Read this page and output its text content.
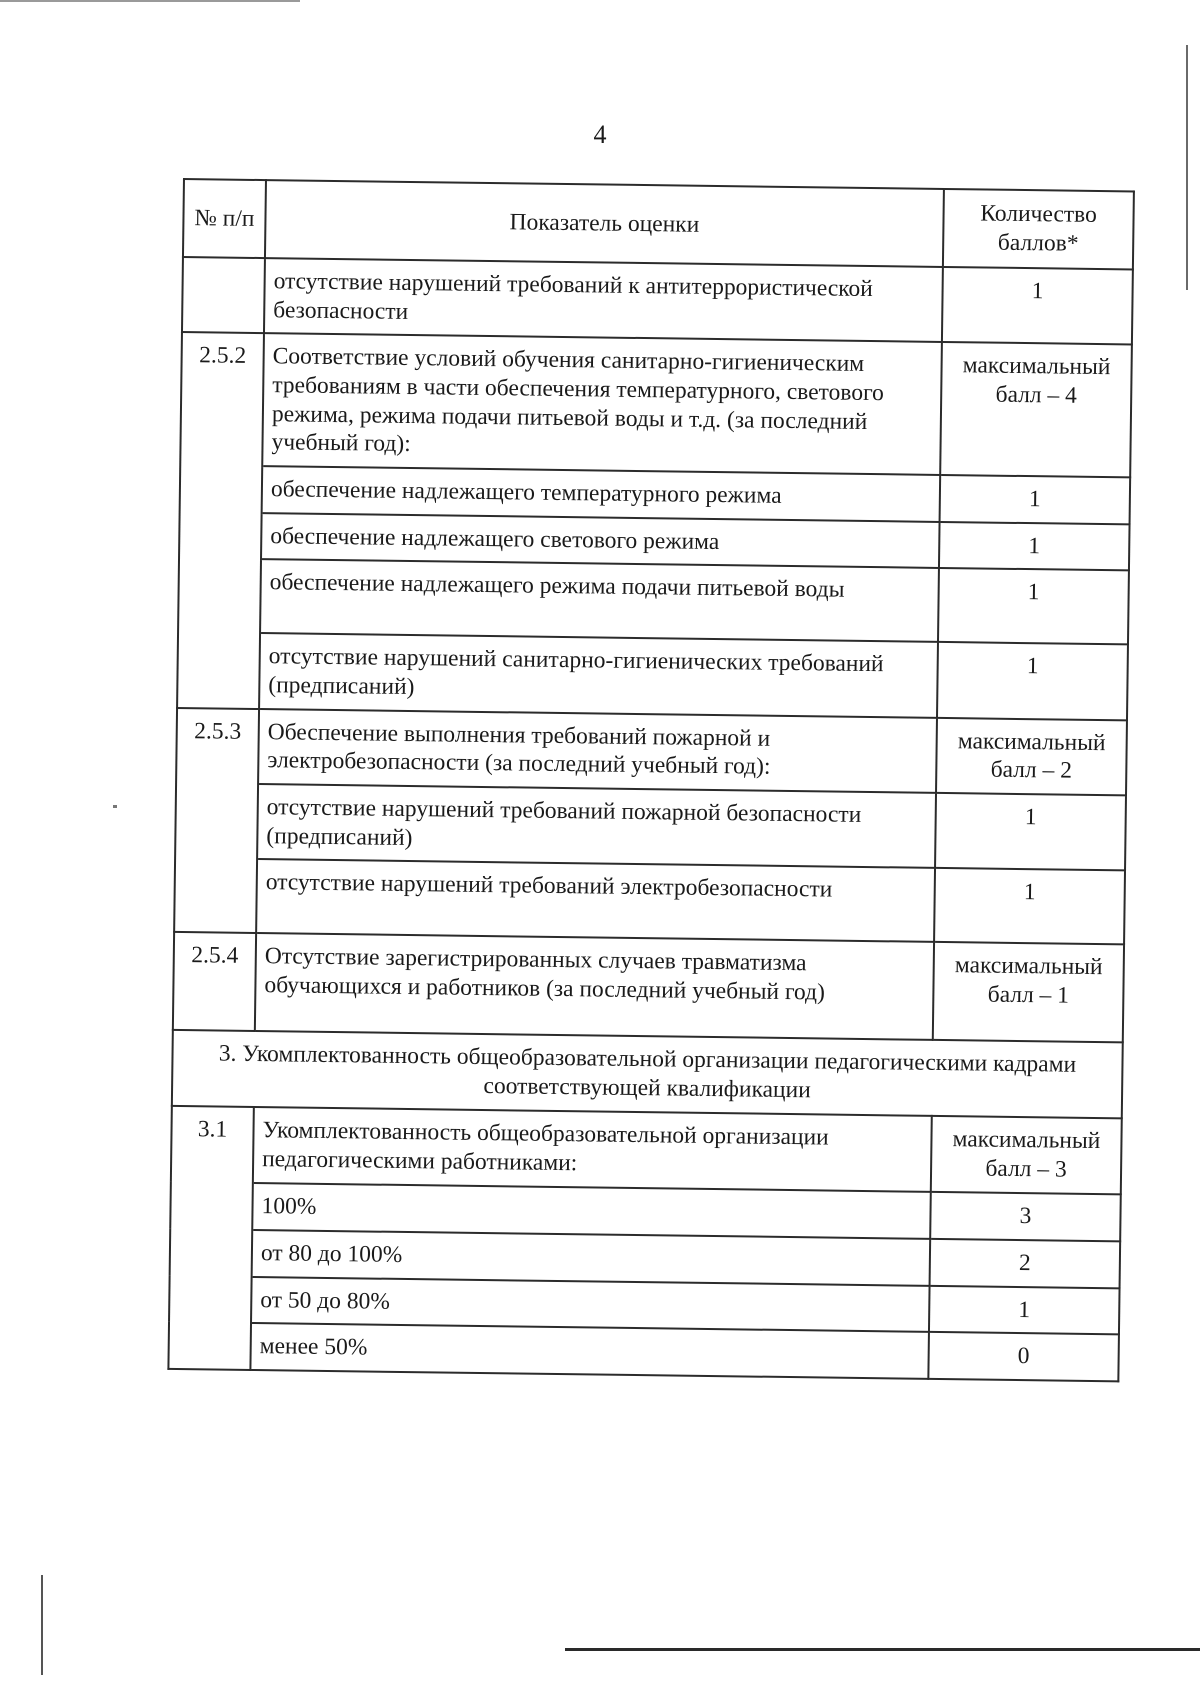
4
№ п/п	Показатель оценки	Количество баллов*
	отсутствие нарушений требований к антитеррористической безопасности	1
2.5.2	Соответствие условий обучения санитарно-гигиеническим требованиям в части обеспечения температурного, светового режима, режима подачи питьевой воды и т.д. (за последний учебный год):	максимальный балл – 4
	обеспечение надлежащего температурного режима	1
	обеспечение надлежащего светового режима	1
	обеспечение надлежащего режима подачи питьевой воды	1
	отсутствие нарушений санитарно-гигиенических требований (предписаний)	1
2.5.3	Обеспечение выполнения требований пожарной и электробезопасности (за последний учебный год):	максимальный балл – 2
	отсутствие нарушений требований пожарной безопасности (предписаний)	1
	отсутствие нарушений требований электробезопасности	1
2.5.4	Отсутствие зарегистрированных случаев травматизма обучающихся и работников (за последний учебный год)	максимальный балл – 1
3. Укомплектованность общеобразовательной организации педагогическими кадрами соответствующей квалификации		
3.1	Укомплектованность общеобразовательной организации педагогическими работниками:	максимальный балл – 3
	100%	3
	от 80 до 100%	2
	от 50 до 80%	1
	менее 50%	0
